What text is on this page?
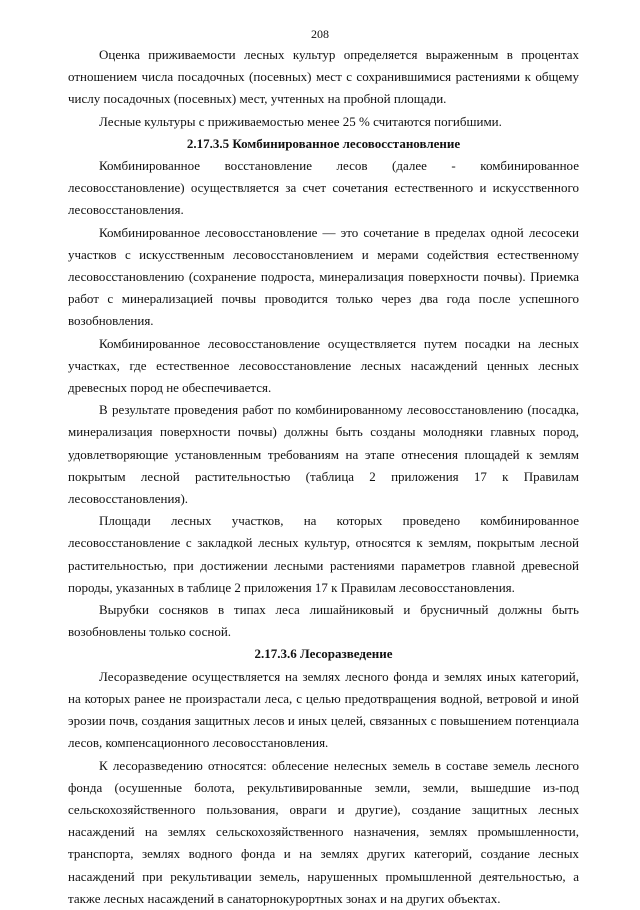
208

Оценка приживаемости лесных культур определяется выраженным в процентах отношением числа посадочных (посевных) мест с сохранившимися растениями к общему числу посадочных (посевных) мест, учтенных на пробной площади.

Лесные культуры с приживаемостью менее 25 % считаются погибшими.

2.17.3.5 Комбинированное лесовосстановление

Комбинированное восстановление лесов (далее - комбинированное лесовосстановление) осуществляется за счет сочетания естественного и искусственного лесовосстановления.

Комбинированное лесовосстановление — это сочетание в пределах одной лесосеки участков с искусственным лесовосстановлением и мерами содействия естественному лесовосстановлению (сохранение подроста, минерализация поверхности почвы). Приемка работ с минерализацией почвы проводится только через два года после успешного возобновления.

Комбинированное лесовосстановление осуществляется путем посадки на лесных участках, где естественное лесовосстановление лесных насаждений ценных лесных древесных пород не обеспечивается.

В результате проведения работ по комбинированному лесовосстановлению (посадка, минерализация поверхности почвы) должны быть созданы молодняки главных пород, удовлетворяющие установленным требованиям на этапе отнесения площадей к землям покрытым лесной растительностью (таблица 2 приложения 17 к Правилам лесовосстановления).

Площади лесных участков, на которых проведено комбинированное лесовосстановление с закладкой лесных культур, относятся к землям, покрытым лесной растительностью, при достижении лесными растениями параметров главной древесной породы, указанных в таблице 2 приложения 17 к Правилам лесовосстановления.

Вырубки сосняков в типах леса лишайниковый и брусничный должны быть возобновлены только сосной.

2.17.3.6 Лесоразведение

Лесоразведение осуществляется на землях лесного фонда и землях иных категорий, на которых ранее не произрастали леса, с целью предотвращения водной, ветровой и иной эрозии почв, создания защитных лесов и иных целей, связанных с повышением потенциала лесов, компенсационного лесовосстановления.

К лесоразведению относятся: облесение нелесных земель в составе земель лесного фонда (осушенные болота, рекультивированные земли, земли, вышедшие из-под сельскохозяйственного пользования, овраги и другие), создание защитных лесных насаждений на землях сельскохозяйственного назначения, землях промышленности, транспорта, землях водного фонда и на землях других категорий, создание лесных насаждений при рекультивации земель, нарушенных промышленной деятельностью, а также лесных насаждений в санаторнокурортных зонах и на других объектах.
